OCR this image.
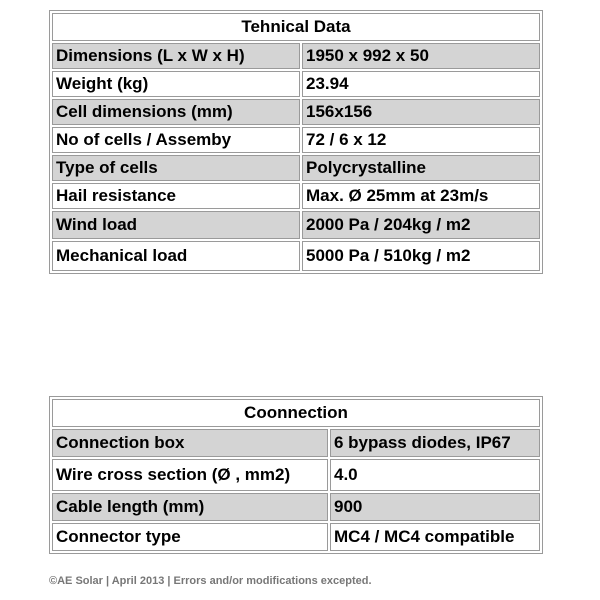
Tehnical Data	
Dimensions (L x W x H)	1950 x 992 x 50
Weight (kg)	23.94
Cell dimensions (mm)	156x156
No of cells / Assemby	72 / 6 x 12
Type of cells	Polycrystalline
Hail resistance	Max. Ø 25mm at 23m/s
Wind load	2000 Pa / 204kg / m2
Mechanical load	5000 Pa / 510kg / m2
Coonnection	
Connection box	6 bypass diodes, IP67
Wire cross section (Ø , mm2)	4.0
Cable length (mm)	900
Connector type	MC4 / MC4 compatible
©AE Solar | April 2013 | Errors and/or modifications excepted.
